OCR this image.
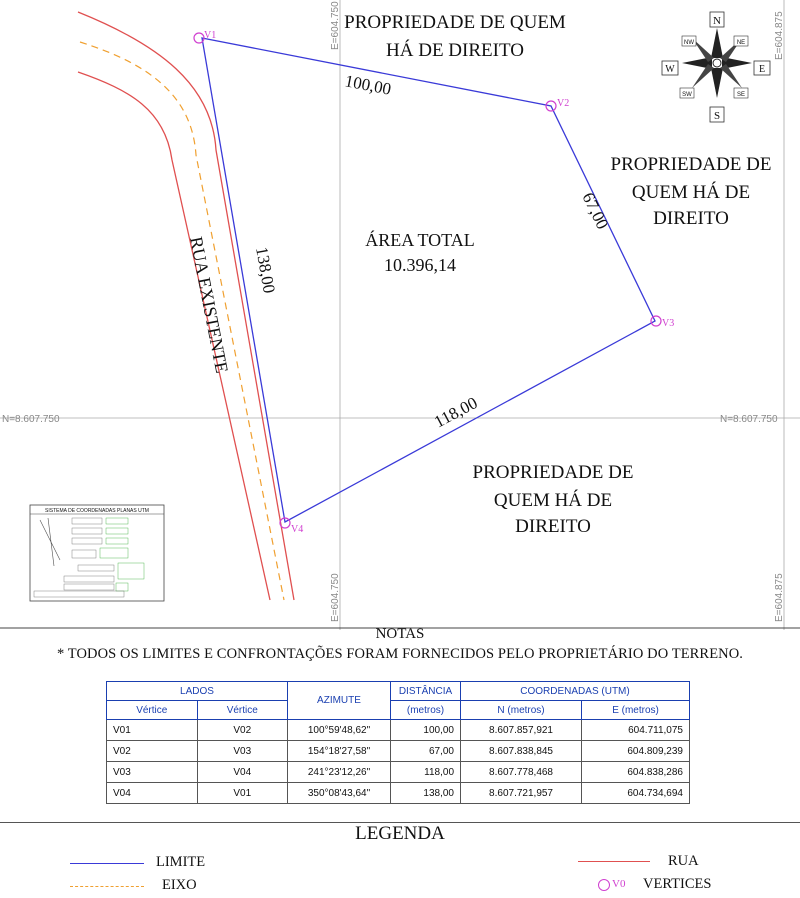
N=8.607.750	N=8.607.750
E=604.750	E=604.875
E=604.750	E=604.875
V1
V2
V3
V4
100,00
67,00
118,00
138,00
RUA EXISTENTE	ÁREA TOTAL
10.396,14
PROPRIEDADE DE QUEM
HÁ DE DIREITO
PROPRIEDADE DE
QUEM HÁ DE
DIREITO
PROPRIEDADE DE
QUEM HÁ DE
DIREITO
N
S
W	E
NW	NE
SW	SE
SISTEMA DE COORDENADAS PLANAS UTM
NOTAS
* TODOS OS LIMITES E CONFRONTAÇÕES FORAM FORNECIDOS PELO PROPRIETÁRIO DO TERRENO.
LADOS		AZIMUTE	DISTÂNCIA	COORDENADAS (UTM)	
Vértice	Vértice		(metros)	N (metros)	E (metros)
V01	V02	100°59'48,62"	100,00	8.607.857,921	604.711,075
V02	V03	154°18'27,58"	67,00	8.607.838,845	604.809,239
V03	V04	241°23'12,26"	118,00	8.607.778,468	604.838,286
V04	V01	350°08'43,64"	138,00	8.607.721,957	604.734,694
LEGENDA
LIMITE
EIXO
RUA
V0 VERTICES
